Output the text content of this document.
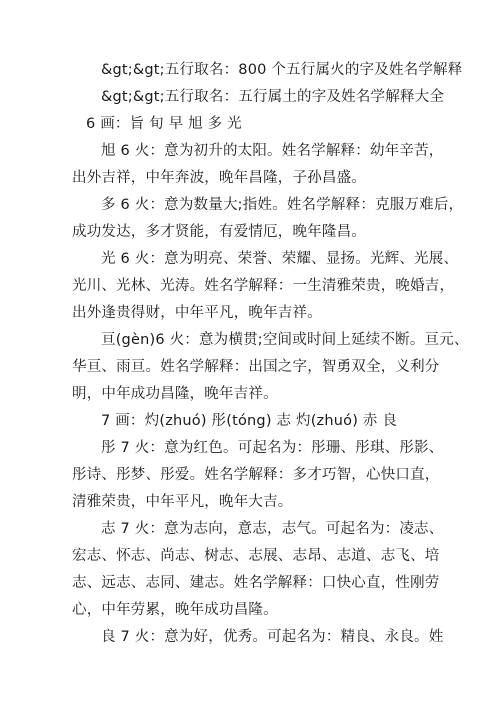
&gt;&gt;五行取名：800 个五行属火的字及姓名学解释
&gt;&gt;五行取名：五行属土的字及姓名学解释大全
6 画：旨 旬 早 旭 多 光
旭 6 火：意为初升的太阳。姓名学解释：幼年辛苦，
出外吉祥，中年奔波，晚年昌隆，子孙昌盛。
多 6 火：意为数量大;指姓。姓名学解释：克服万难后，
成功发达，多才贤能，有爱情厄，晚年隆昌。
光 6 火：意为明亮、荣誉、荣耀、显扬。光辉、光展、
光川、光林、光涛。姓名学解释：一生清雅荣贵，晚婚吉，
出外逢贵得财，中年平凡，晚年吉祥。
亘(gèn)6 火：意为横贯;空间或时间上延续不断。亘元、
华亘、雨亘。姓名学解释：出国之字，智勇双全，义利分
明，中年成功昌隆，晚年吉祥。
7 画：灼(zhuó) 彤(tóng) 志 灼(zhuó) 赤 良
彤 7 火：意为红色。可起名为：彤珊、彤琪、彤影、
彤诗、彤梦、彤爱。姓名学解释：多才巧智，心快口直，
清雅荣贵，中年平凡，晚年大吉。
志 7 火：意为志向，意志，志气。可起名为：凌志、
宏志、怀志、尚志、树志、志展、志昂、志道、志飞、培
志、远志、志同、建志。姓名学解释：口快心直，性刚劳
心，中年劳累，晚年成功昌隆。
良 7 火：意为好，优秀。可起名为：精良、永良。姓
